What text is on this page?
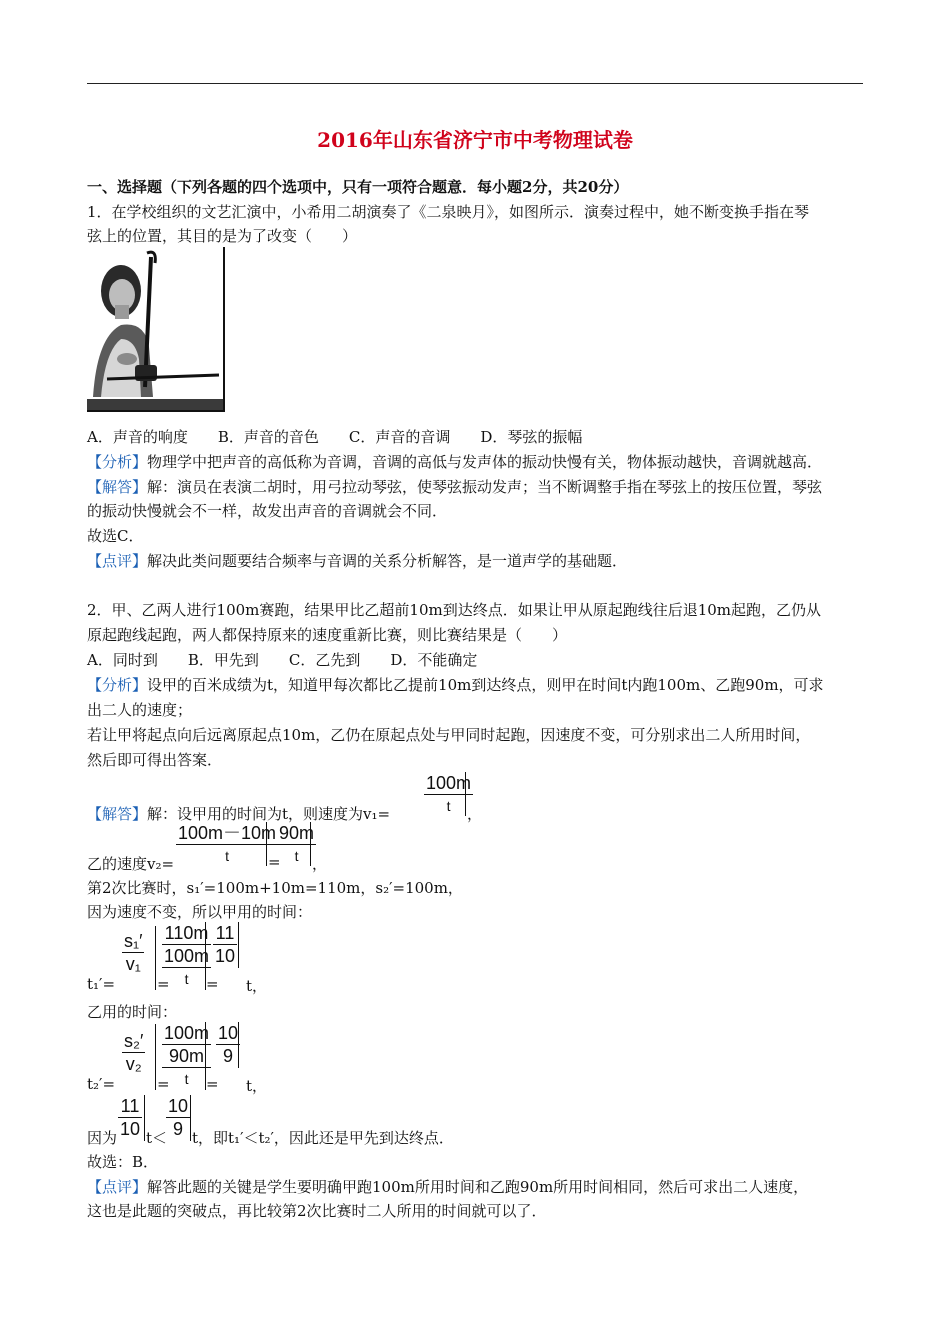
2016年山东省济宁市中考物理试卷
一、选择题（下列各题的四个选项中，只有一项符合题意．每小题2分，共20分）
1．在学校组织的文艺汇演中，小希用二胡演奏了《二泉映月》，如图所示．演奏过程中，她不断变换手指在琴
弦上的位置，其目的是为了改变（　　）
A．声音的响度　　B．声音的音色　　C．声音的音调　　D．琴弦的振幅
【分析】物理学中把声音的高低称为音调，音调的高低与发声体的振动快慢有关，物体振动越快，音调就越高．
【解答】解：演员在表演二胡时，用弓拉动琴弦，使琴弦振动发声；当不断调整手指在琴弦上的按压位置，琴弦
的振动快慢就会不一样，故发出声音的音调就会不同．
故选C．
【点评】解决此类问题要结合频率与音调的关系分析解答，是一道声学的基础题．
2．甲、乙两人进行100m赛跑，结果甲比乙超前10m到达终点．如果让甲从原起跑线往后退10m起跑，乙仍从
原起跑线起跑，两人都保持原来的速度重新比赛，则比赛结果是（　　）
A．同时到　　B．甲先到　　C．乙先到　　D．不能确定
【分析】设甲的百米成绩为t，知道甲每次都比乙提前10m到达终点，则甲在时间t内跑100m、乙跑90m，可求
出二人的速度；
若让甲将起点向后远离原起点10m，乙仍在原起点处与甲同时起跑，因速度不变，可分别求出二人所用时间，
然后即可得出答案．
【解答】解：设甲用的时间为t，则速度为v₁=
100m
t ，
乙的速度v₂=
100m－10m
t	=
90m
t ，
第2次比赛时，s₁′=100m+10m=110m，s₂′=100m，
因为速度不变，所以甲用的时间：
t₁′=
s₁′
v₁
=
110m
100m
t =
11
10
t，
乙用的时间：
t₂′=
s₂′
v₂
=
100m
90m
t =
10
9
t，
因为
11
10 t＜
10
9 t，即t₁′＜t₂′，因此还是甲先到达终点．
故选：B．
【点评】解答此题的关键是学生要明确甲跑100m所用时间和乙跑90m所用时间相同，然后可求出二人速度，
这也是此题的突破点，再比较第2次比赛时二人所用的时间就可以了．
